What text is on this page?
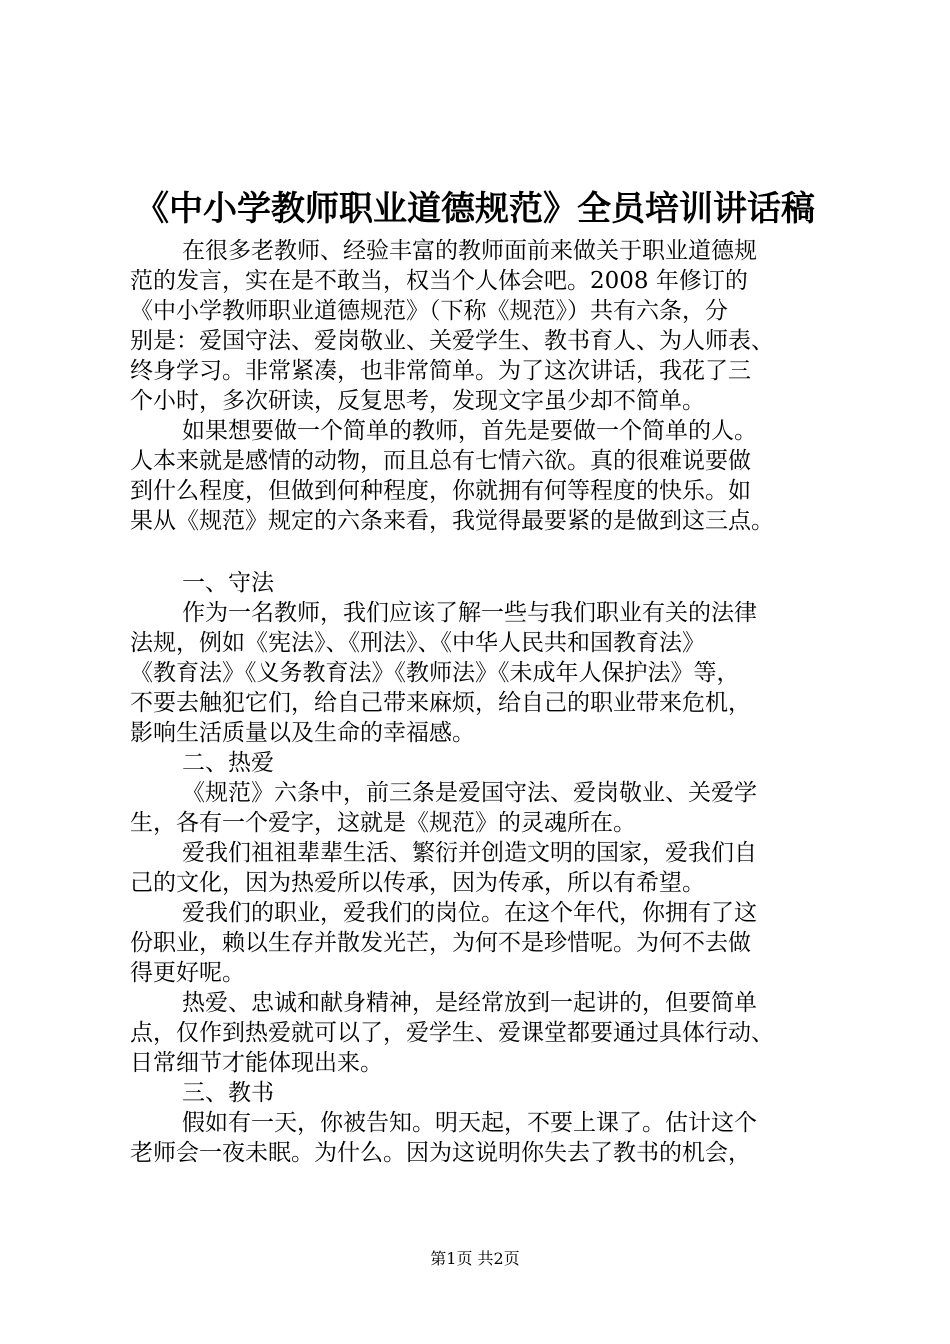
《中小学教师职业道德规范》全员培训讲话稿
在很多老教师、经验丰富的教师面前来做关于职业道德规
范的发言，实在是不敢当，权当个人体会吧。2008 年修订的
《中小学教师职业道德规范》（下称《规范》）共有六条，分
别是：爱国守法、爱岗敬业、关爱学生、教书育人、为人师表、
终身学习。非常紧凑，也非常简单。为了这次讲话，我花了三
个小时，多次研读，反复思考，发现文字虽少却不简单。
如果想要做一个简单的教师，首先是要做一个简单的人。
人本来就是感情的动物，而且总有七情六欲。真的很难说要做
到什么程度，但做到何种程度，你就拥有何等程度的快乐。如
果从《规范》规定的六条来看，我觉得最要紧的是做到这三点。
一、守法
作为一名教师，我们应该了解一些与我们职业有关的法律
法规，例如《宪法》、《刑法》、《中华人民共和国教育法》
《教育法》《义务教育法》《教师法》《未成年人保护法》等，
不要去触犯它们，给自己带来麻烦，给自己的职业带来危机，
影响生活质量以及生命的幸福感。
二、热爱
《规范》六条中，前三条是爱国守法、爱岗敬业、关爱学
生，各有一个爱字，这就是《规范》的灵魂所在。
爱我们祖祖辈辈生活、繁衍并创造文明的国家，爱我们自
己的文化，因为热爱所以传承，因为传承，所以有希望。
爱我们的职业，爱我们的岗位。在这个年代，你拥有了这
份职业，赖以生存并散发光芒，为何不是珍惜呢。为何不去做
得更好呢。
热爱、忠诚和献身精神，是经常放到一起讲的，但要简单
点，仅作到热爱就可以了，爱学生、爱课堂都要通过具体行动、
日常细节才能体现出来。
三、教书
假如有一天，你被告知。明天起，不要上课了。估计这个
老师会一夜未眠。为什么。因为这说明你失去了教书的机会，
第1页 共2页
